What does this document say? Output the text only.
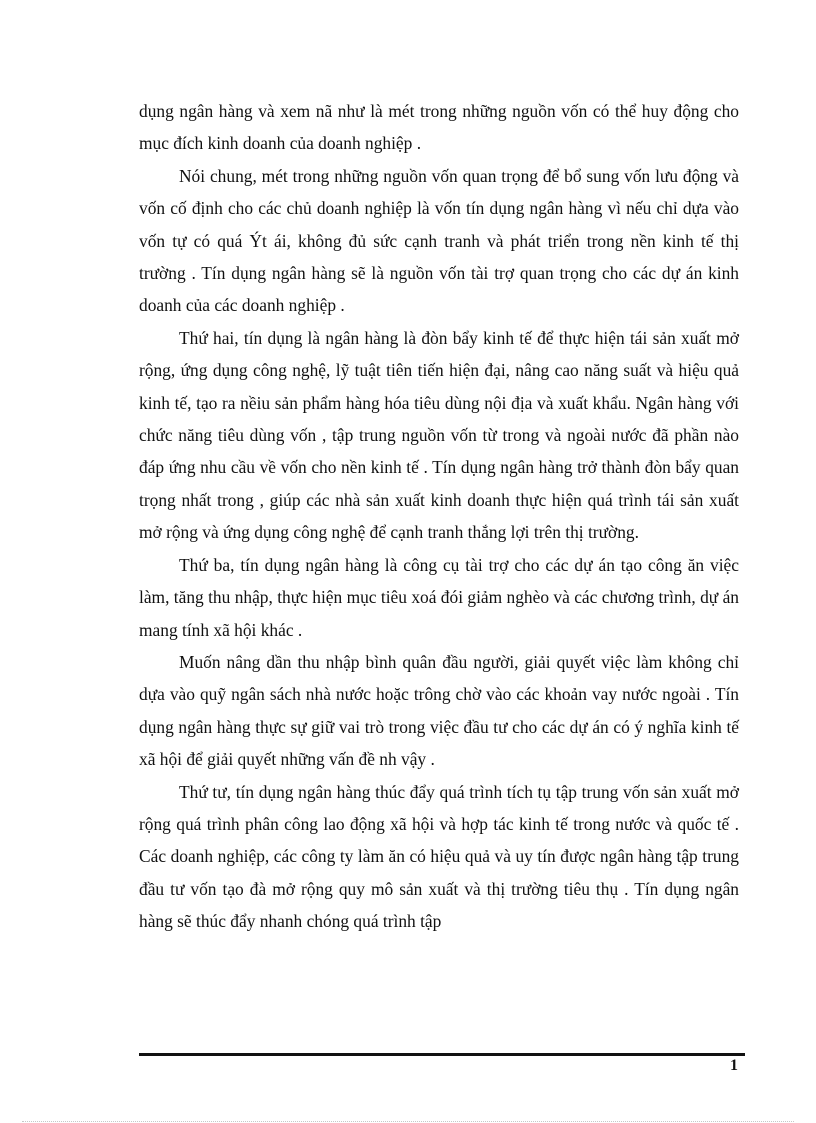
dụng ngân hàng và xem nã như là mét trong những nguồn vốn có thể huy động cho mục đích kinh doanh của doanh nghiệp .

Nói chung, mét trong những nguồn vốn quan trọng để bổ sung vốn lưu động và vốn cố định cho các chủ doanh nghiệp là vốn tín dụng ngân hàng vì nếu chỉ dựa vào vốn tự có quá Ýt ái, không đủ sức cạnh tranh và phát triển trong nền kinh tế thị trường . Tín dụng ngân hàng sẽ là nguồn vốn tài trợ quan trọng cho các dự án kinh doanh của các doanh nghiệp .

Thứ hai, tín dụng là ngân hàng là đòn bẩy kinh tế để thực hiện tái sản xuất mở rộng, ứng dụng công nghệ, lỹ tuật tiên tiến hiện đại, nâng cao năng suất và hiệu quả kinh tế, tạo ra nềiu sản phẩm hàng hóa tiêu dùng nội địa và xuất khẩu. Ngân hàng với chức năng tiêu dùng vốn , tập trung nguồn vốn từ trong và ngoài nước đã phần nào đáp ứng nhu cầu về vốn cho nền kinh tế . Tín dụng ngân hàng trở thành đòn bẩy quan trọng nhất trong , giúp các nhà sản xuất kinh doanh thực hiện quá trình tái sản xuất mở rộng và ứng dụng công nghệ để cạnh tranh thắng lợi trên thị trường.

Thứ ba, tín dụng ngân hàng là công cụ tài trợ cho các dự án tạo công ăn việc làm, tăng thu nhập, thực hiện mục tiêu xoá đói giảm nghèo và các chương trình, dự án mang tính xã hội khác .

Muốn nâng dần thu nhập bình quân đầu người, giải quyết việc làm không chỉ dựa vào quỹ ngân sách nhà nước hoặc trông chờ vào các khoản vay nước ngoài . Tín dụng ngân hàng thực sự giữ vai trò trong việc đầu tư cho các dự án có ý nghĩa kinh tế xã hội để giải quyết những vấn đề nh vậy .

Thứ tư, tín dụng ngân hàng thúc đẩy quá trình tích tụ tập trung vốn sản xuất mở rộng quá trình phân công lao động xã hội và hợp tác kinh tế trong nước và quốc tế . Các doanh nghiệp, các công ty làm ăn có hiệu quả và uy tín được ngân hàng tập trung đầu tư vốn tạo đà mở rộng quy mô sản xuất và thị trường tiêu thụ . Tín dụng ngân hàng sẽ thúc đẩy nhanh chóng quá trình tập

1
